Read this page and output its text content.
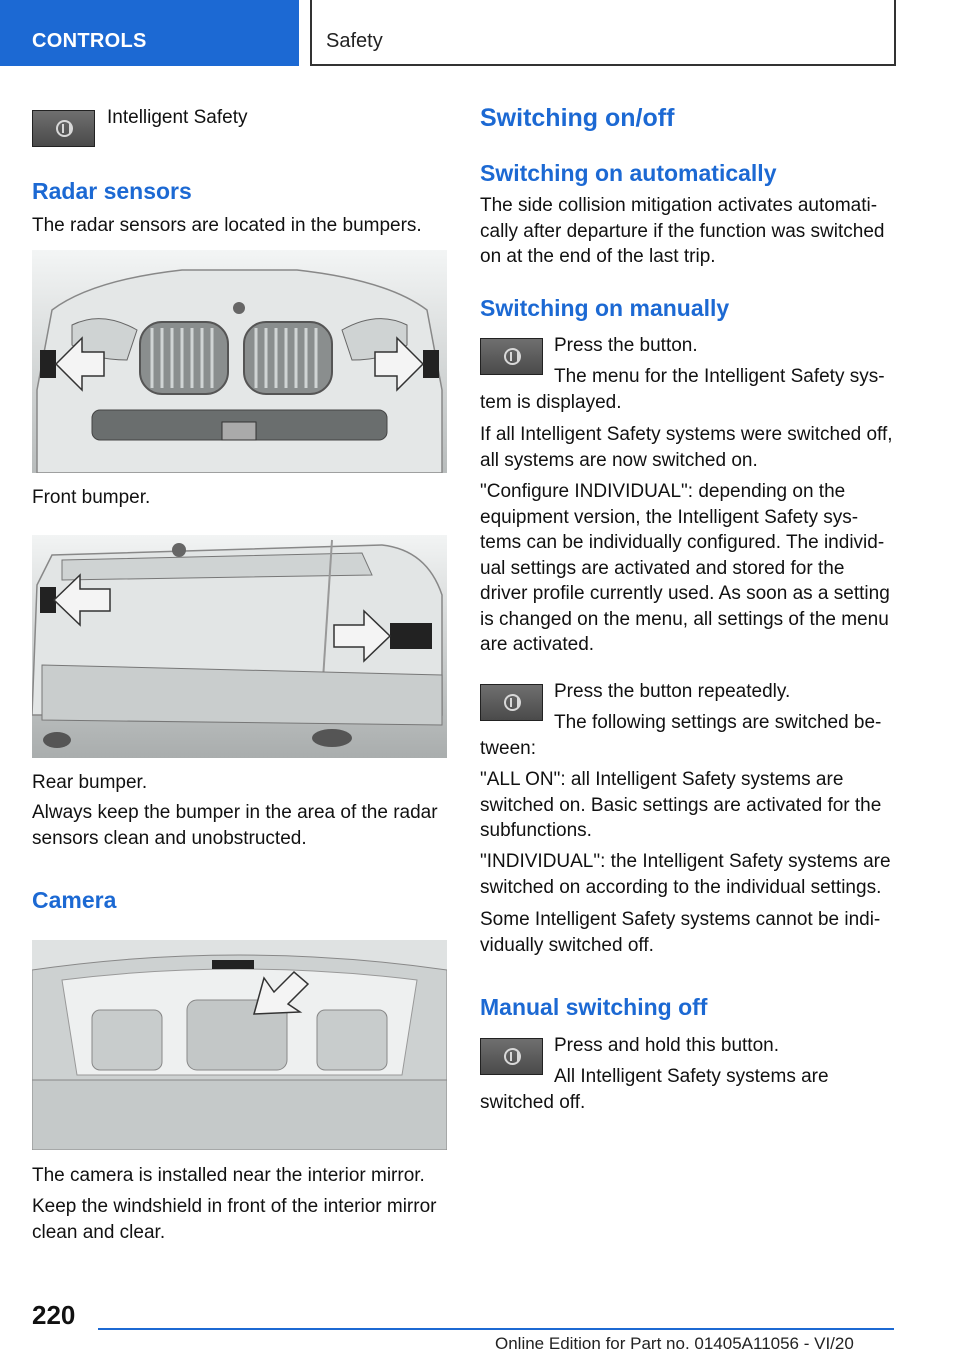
CONTROLS	Safety
Intelligent Safety
Radar sensors
The radar sensors are located in the bumpers.
Front bumper.
Rear bumper.
Always keep the bumper in the area of the radar sensors clean and unobstructed.
Camera
The camera is installed near the interior mirror.
Keep the windshield in front of the interior mirror clean and clear.
Switching on/off
Switching on automatically
The side collision mitigation activates automati-cally after departure if the function was switched on at the end of the last trip.
Switching on manually
Press the button.
The menu for the Intelligent Safety sys-tem is displayed.
If all Intelligent Safety systems were switched off, all systems are now switched on.
"Configure INDIVIDUAL": depending on the equipment version, the Intelligent Safety sys-tems can be individually configured. The individ-ual settings are activated and stored for the driver profile currently used. As soon as a setting is changed on the menu, all settings of the menu are activated.
Press the button repeatedly.
The following settings are switched be-tween:
"ALL ON": all Intelligent Safety systems are switched on. Basic settings are activated for the subfunctions.
"INDIVIDUAL": the Intelligent Safety systems are switched on according to the individual settings.
Some Intelligent Safety systems cannot be indi-vidually switched off.
Manual switching off
Press and hold this button.
All Intelligent Safety systems are switched off.
220
Online Edition for Part no. 01405A11056 - VI/20
